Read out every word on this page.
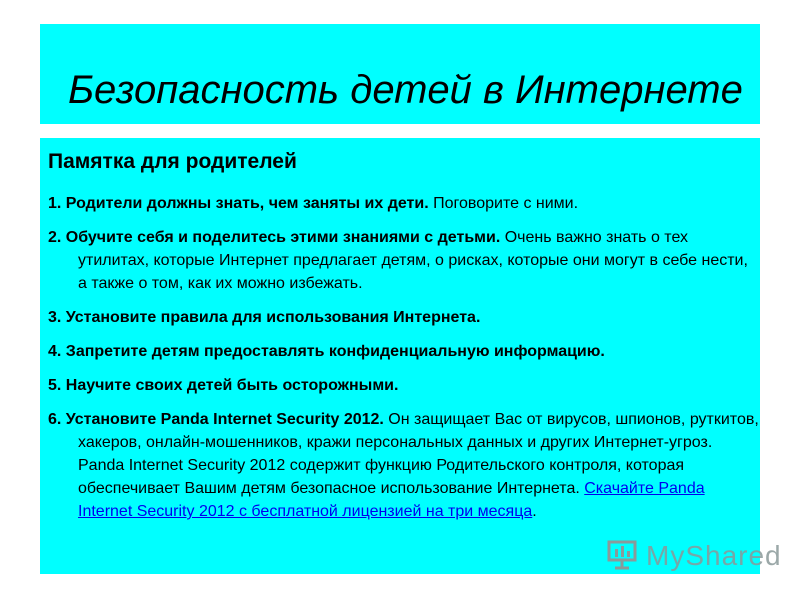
Безопасность детей в Интернете
Памятка для родителей
1. Родители должны знать, чем заняты их дети. Поговорите с ними.
2. Обучите себя и поделитесь этими знаниями с детьми. Очень важно знать о тех утилитах, которые Интернет предлагает детям, о рисках, которые они могут в себе нести, а также о том, как их можно избежать.
3. Установите правила для использования Интернета.
4. Запретите детям предоставлять конфиденциальную информацию.
5. Научите своих детей быть осторожными.
6. Установите Panda Internet Security 2012. Он защищает Вас от вирусов, шпионов, руткитов, хакеров, онлайн-мошенников, кражи персональных данных и других Интернет-угроз. Panda Internet Security 2012 содержит функцию Родительского контроля, которая обеспечивает Вашим детям безопасное использование Интернета. Скачайте Panda Internet Security 2012 с бесплатной лицензией на три месяца.
MyShared
